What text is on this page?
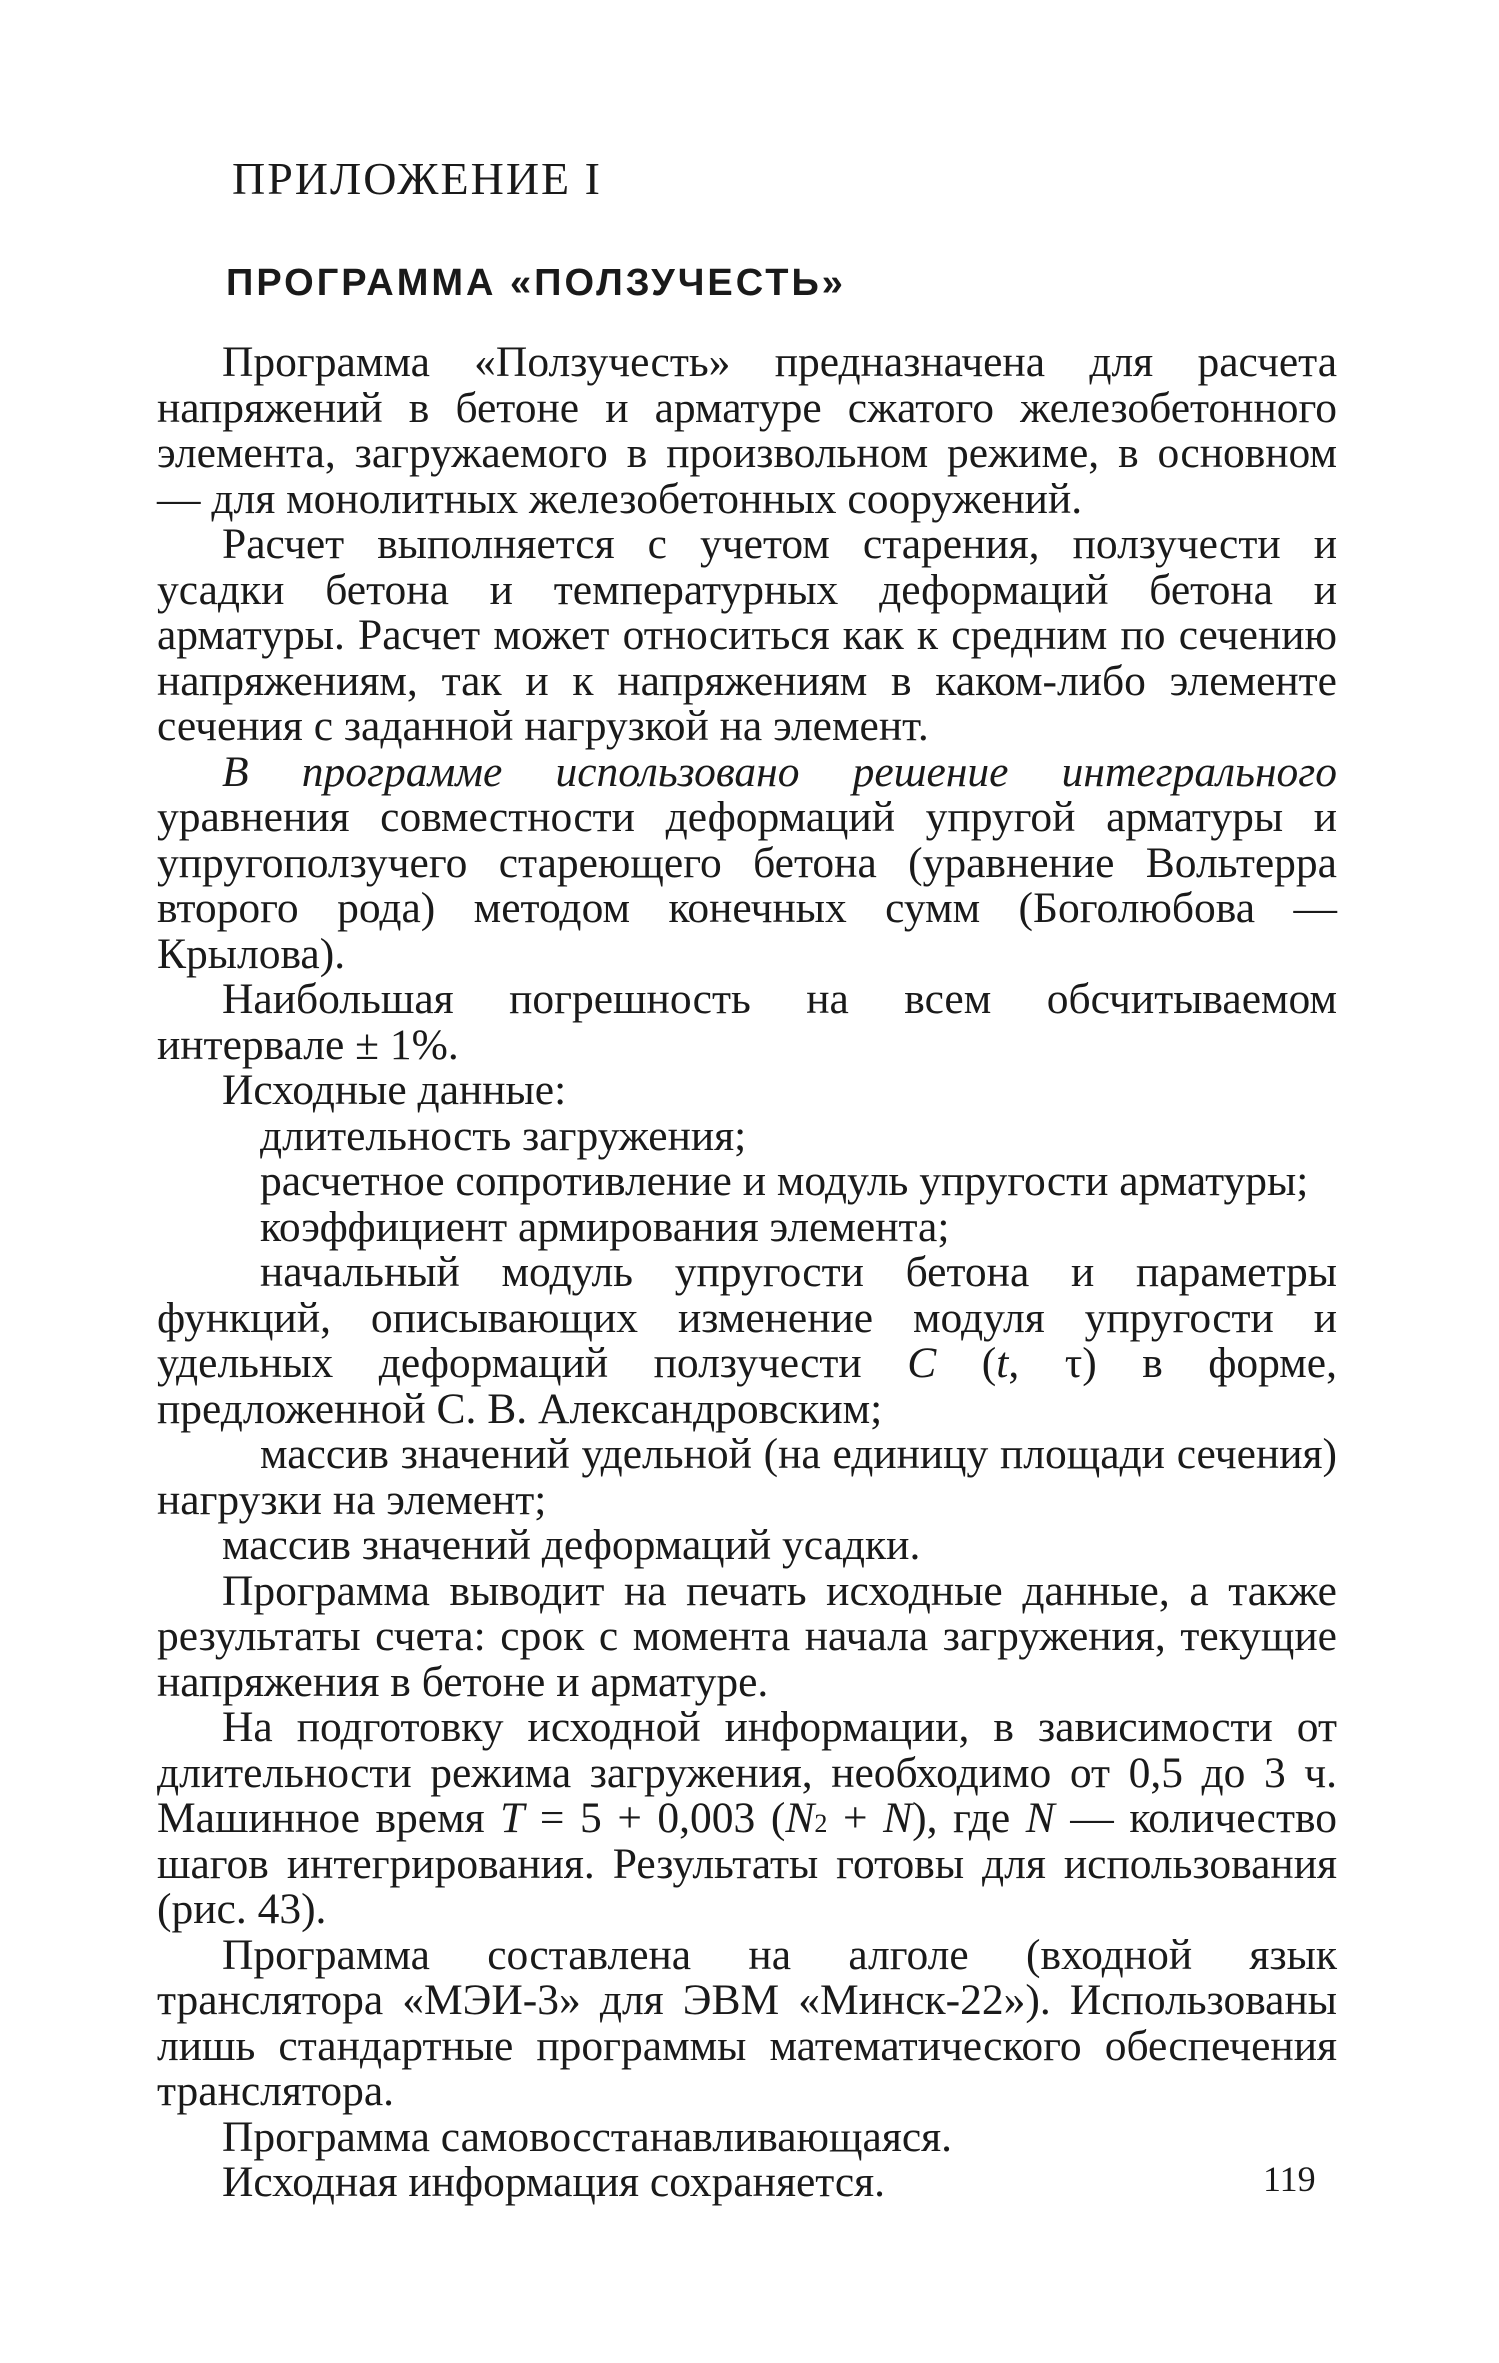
ПРИЛОЖЕНИЕ I
ПРОГРАММА «ПОЛЗУЧЕСТЬ»

Программа «Ползучесть» предназначена для расчета напряжений в бетоне и арматуре сжатого железобетонного элемента, загружаемого в произвольном режиме, в основном — для монолитных железобетонных сооружений.

Расчет выполняется с учетом старения, ползучести и усадки бетона и температурных деформаций бетона и арматуры. Расчет может относиться как к средним по сечению напряжениям, так и к напряжениям в каком-либо элементе сечения с заданной нагрузкой на элемент.

В программе использовано решение интегрального уравнения совместности деформаций упругой арматуры и упругоползучего стареющего бетона (уравнение Вольтерра второго рода) методом конечных сумм (Боголюбова — Крылова).

Наибольшая погрешность на всем обсчитываемом интервале ± 1%.

Исходные данные:

длительность загружения;

расчетное сопротивление и модуль упругости арматуры;

коэффициент армирования элемента;

начальный модуль упругости бетона и параметры функций, описывающих изменение модуля упругости и удельных деформаций ползучести C (t, τ) в форме, предложенной С. В. Александровским;

массив значений удельной (на единицу площади сечения) нагрузки на элемент;

массив значений деформаций усадки.

Программа выводит на печать исходные данные, а также результаты счета: срок с момента начала загружения, текущие напряжения в бетоне и арматуре.

На подготовку исходной информации, в зависимости от длительности режима загружения, необходимо от 0,5 до 3 ч. Машинное время T = 5 + 0,003 $(N^2 + N)$, где N — количество шагов интегрирования. Результаты готовы для использования (рис. 43).

Программа составлена на алголе (входной язык транслятора «МЭИ-3» для ЭВМ «Минск-22»). Использованы лишь стандартные программы математического обеспечения транслятора.

Программа самовосстанавливающаяся.

Исходная информация сохраняется.	119
